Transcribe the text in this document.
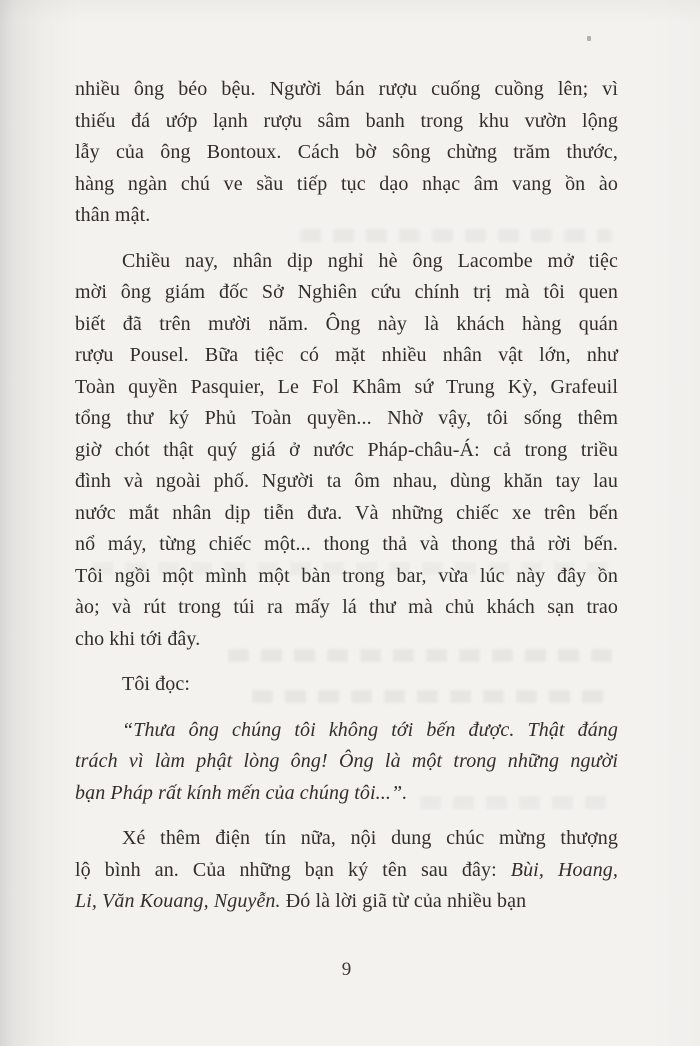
nhiều ông béo bệu. Người bán rượu cuống cuồng lên; vì
thiếu đá ướp lạnh rượu sâm banh trong khu vườn lộng
lẫy của ông Bontoux. Cách bờ sông chừng trăm thước,
hàng ngàn chú ve sầu tiếp tục dạo nhạc âm vang ồn ào
thân mật.

Chiều nay, nhân dịp nghỉ hè ông Lacombe mở tiệc
mời ông giám đốc Sở Nghiên cứu chính trị mà tôi quen
biết đã trên mười năm. Ông này là khách hàng quán
rượu Pousel. Bữa tiệc có mặt nhiều nhân vật lớn, như
Toàn quyền Pasquier, Le Fol Khâm sứ Trung Kỳ, Grafeuil
tổng thư ký Phủ Toàn quyền... Nhờ vậy, tôi sống thêm
giờ chót thật quý giá ở nước Pháp-châu-Á: cả trong triều
đình và ngoài phố. Người ta ôm nhau, dùng khăn tay lau
nước mắt nhân dịp tiễn đưa. Và những chiếc xe trên bến
nổ máy, từng chiếc một... thong thả và thong thả rời bến.
Tôi ngồi một mình một bàn trong bar, vừa lúc này đây ồn
ào; và rút trong túi ra mấy lá thư mà chủ khách sạn trao
cho khi tới đây.

Tôi đọc:

“Thưa ông chúng tôi không tới bến được. Thật đáng
trách vì làm phật lòng ông! Ông là một trong những người
bạn Pháp rất kính mến của chúng tôi...”.

Xé thêm điện tín nữa, nội dung chúc mừng thượng
lộ bình an. Của những bạn ký tên sau đây: Bùi, Hoang,
Li, Văn Kouang, Nguyễn. Đó là lời giã từ của nhiều bạn

9
